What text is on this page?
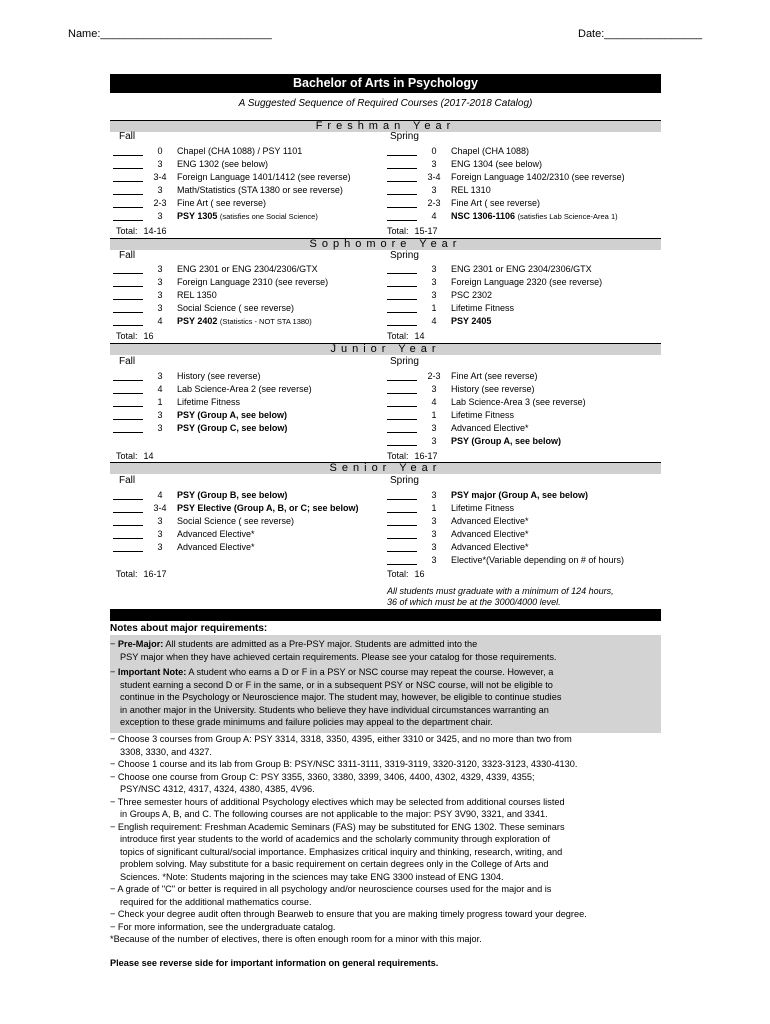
Name:____________________________	Date:________________
Bachelor of Arts in Psychology
A Suggested Sequence of Required Courses (2017-2018 Catalog)
Freshman Year
Fall
0	Chapel (CHA 1088) / PSY 1101
3	ENG 1302 (see below)
3-4	Foreign Language 1401/1412 (see reverse)
3	Math/Statistics (STA 1380 or see reverse)
2-3	Fine Art ( see reverse)
3	PSY 1305 (satisfies one Social Science)
Total: 14-16
Spring
0	Chapel (CHA 1088)
3	ENG 1304 (see below)
3-4	Foreign Language 1402/2310 (see reverse)
3	REL 1310
2-3	Fine Art ( see reverse)
4	NSC 1306-1106 (satisfies Lab Science-Area 1)
Total: 15-17
Sophomore Year
Fall
3	ENG 2301 or ENG 2304/2306/GTX
3	Foreign Language 2310 (see reverse)
3	REL 1350
3	Social Science ( see reverse)
4	PSY 2402 (Statistics - NOT STA 1380)
Total: 16
Spring
3	ENG 2301 or ENG 2304/2306/GTX
3	Foreign Language 2320 (see reverse)
3	PSC 2302
1	Lifetime Fitness
4	PSY 2405
Total: 14
Junior Year
Fall
3	History (see reverse)
4	Lab Science-Area 2 (see reverse)
1	Lifetime Fitness
3	PSY (Group A, see below)
3	PSY (Group C, see below)
Total: 14
Spring
2-3	Fine Art (see reverse)
3	History (see reverse)
4	Lab Science-Area 3 (see reverse)
1	Lifetime Fitness
3	Advanced Elective*
3	PSY (Group A, see below)
Total: 16-17
Senior Year
Fall
4	PSY (Group B, see below)
3-4	PSY Elective (Group A, B, or C; see below)
3	Social Science ( see reverse)
3	Advanced Elective*
3	Advanced Elective*
Total: 16-17
Spring
3	PSY major (Group A, see below)
1	Lifetime Fitness
3	Advanced Elective*
3	Advanced Elective*
3	Advanced Elective*
3	Elective*(Variable depending on # of hours)
Total: 16
All students must graduate with a minimum of 124 hours,
36 of which must be at the 3000/4000 level.
Notes about major requirements:
− Pre-Major: All students are admitted as a Pre-PSY major. Students are admitted into the
PSY major when they have achieved certain requirements. Please see your catalog for those requirements.
− Important Note: A student who earns a D or F in a PSY or NSC course may repeat the course. However, a
student earning a second D or F in the same, or in a subsequent PSY or NSC course, will not be eligible to
continue in the Psychology or Neuroscience major. The student may, however, be eligible to continue studies
in another major in the University. Students who believe they have individual circumstances warranting an
exception to these grade minimums and failure policies may appeal to the department chair.
− Choose 3 courses from Group A: PSY 3314, 3318, 3350, 4395, either 3310 or 3425, and no more than two from
3308, 3330, and 4327.
− Choose 1 course and its lab from Group B: PSY/NSC 3311-3111, 3319-3119, 3320-3120, 3323-3123, 4330-4130.
− Choose one course from Group C: PSY 3355, 3360, 3380, 3399, 3406, 4400, 4302, 4329, 4339, 4355;
PSY/NSC 4312, 4317, 4324, 4380, 4385, 4V96.
− Three semester hours of additional Psychology electives which may be selected from additional courses listed
in Groups A, B, and C. The following courses are not applicable to the major: PSY 3V90, 3321, and 3341.
− English requirement: Freshman Academic Seminars (FAS) may be substituted for ENG 1302. These seminars
introduce first year students to the world of academics and the scholarly community through exploration of
topics of significant cultural/social importance. Emphasizes critical inquiry and thinking, research, writing, and
problem solving. May substitute for a basic requirement on certain degrees only in the College of Arts and
Sciences. *Note: Students majoring in the sciences may take ENG 3300 instead of ENG 1304.
− A grade of "C" or better is required in all psychology and/or neuroscience courses used for the major and is
required for the additional mathematics course.
− Check your degree audit often through Bearweb to ensure that you are making timely progress toward your degree.
− For more information, see the undergraduate catalog.
*Because of the number of electives, there is often enough room for a minor with this major.
Please see reverse side for important information on general requirements.
